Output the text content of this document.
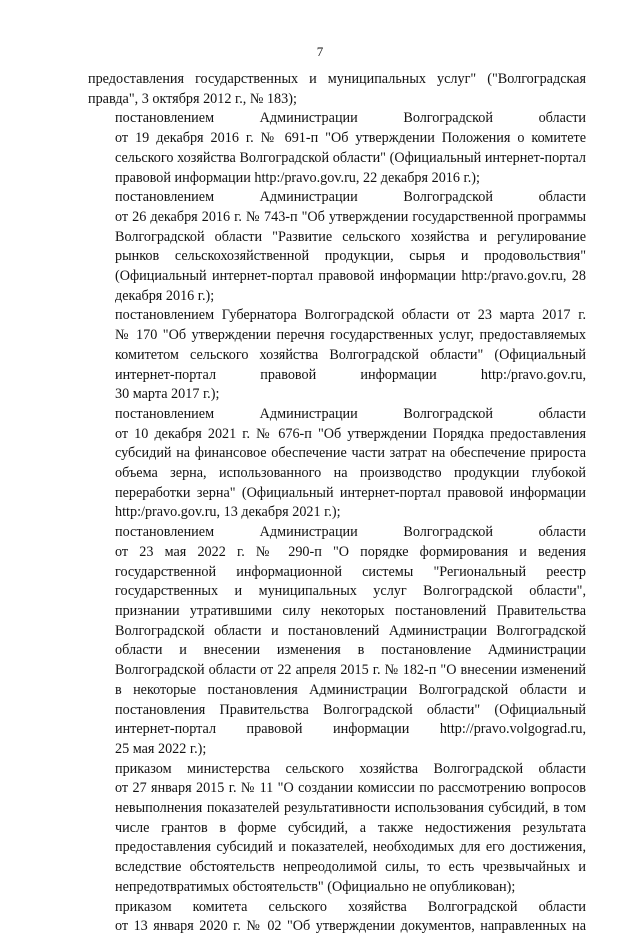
7

предоставления государственных и муниципальных услуг" ("Волгоградская
правда", 3 октября 2012 г., № 183);

постановлением Администрации Волгоградской области
от 19 декабря 2016 г. № 691-п "Об утверждении Положения о комитете
сельского хозяйства Волгоградской области" (Официальный интернет-портал
правовой информации http:/pravo.gov.ru, 22 декабря 2016 г.);

постановлением Администрации Волгоградской области
от 26 декабря 2016 г. № 743-п "Об утверждении государственной программы
Волгоградской области "Развитие сельского хозяйства и регулирование
рынков сельскохозяйственной продукции, сырья и продовольствия"
(Официальный интернет-портал правовой информации http:/pravo.gov.ru, 28
декабря 2016 г.);

постановлением Губернатора Волгоградской области от 23 марта 2017 г.
№ 170 "Об утверждении перечня государственных услуг, предоставляемых
комитетом сельского хозяйства Волгоградской области" (Официальный
интернет-портал правовой информации http:/pravo.gov.ru,
30 марта 2017 г.);

постановлением Администрации Волгоградской области
от 10 декабря 2021 г. № 676-п "Об утверждении Порядка предоставления
субсидий на финансовое обеспечение части затрат на обеспечение прироста
объема зерна, использованного на производство продукции глубокой
переработки зерна" (Официальный интернет-портал правовой информации
http:/pravo.gov.ru, 13 декабря 2021 г.);

постановлением Администрации Волгоградской области
от 23 мая 2022 г. № 290-п "О порядке формирования и ведения
государственной информационной системы "Региональный реестр
государственных и муниципальных услуг Волгоградской области",
признании утратившими силу некоторых постановлений Правительства
Волгоградской области и постановлений Администрации Волгоградской
области и внесении изменения в постановление Администрации
Волгоградской области от 22 апреля 2015 г. № 182-п "О внесении изменений
в некоторые постановления Администрации Волгоградской области и
постановления Правительства Волгоградской области" (Официальный
интернет-портал правовой информации http://pravo.volgograd.ru,
25 мая 2022 г.);

приказом министерства сельского хозяйства Волгоградской области
от 27 января 2015 г. № 11 "О создании комиссии по рассмотрению вопросов
невыполнения показателей результативности использования субсидий, в том
числе грантов в форме субсидий, а также недостижения результата
предоставления субсидий и показателей, необходимых для его достижения,
вследствие обстоятельств непреодолимой силы, то есть чрезвычайных и
непредотвратимых обстоятельств" (Официально не опубликован);

приказом комитета сельского хозяйства Волгоградской области
от 13 января 2020 г. № 02 "Об утверждении документов, направленных на
